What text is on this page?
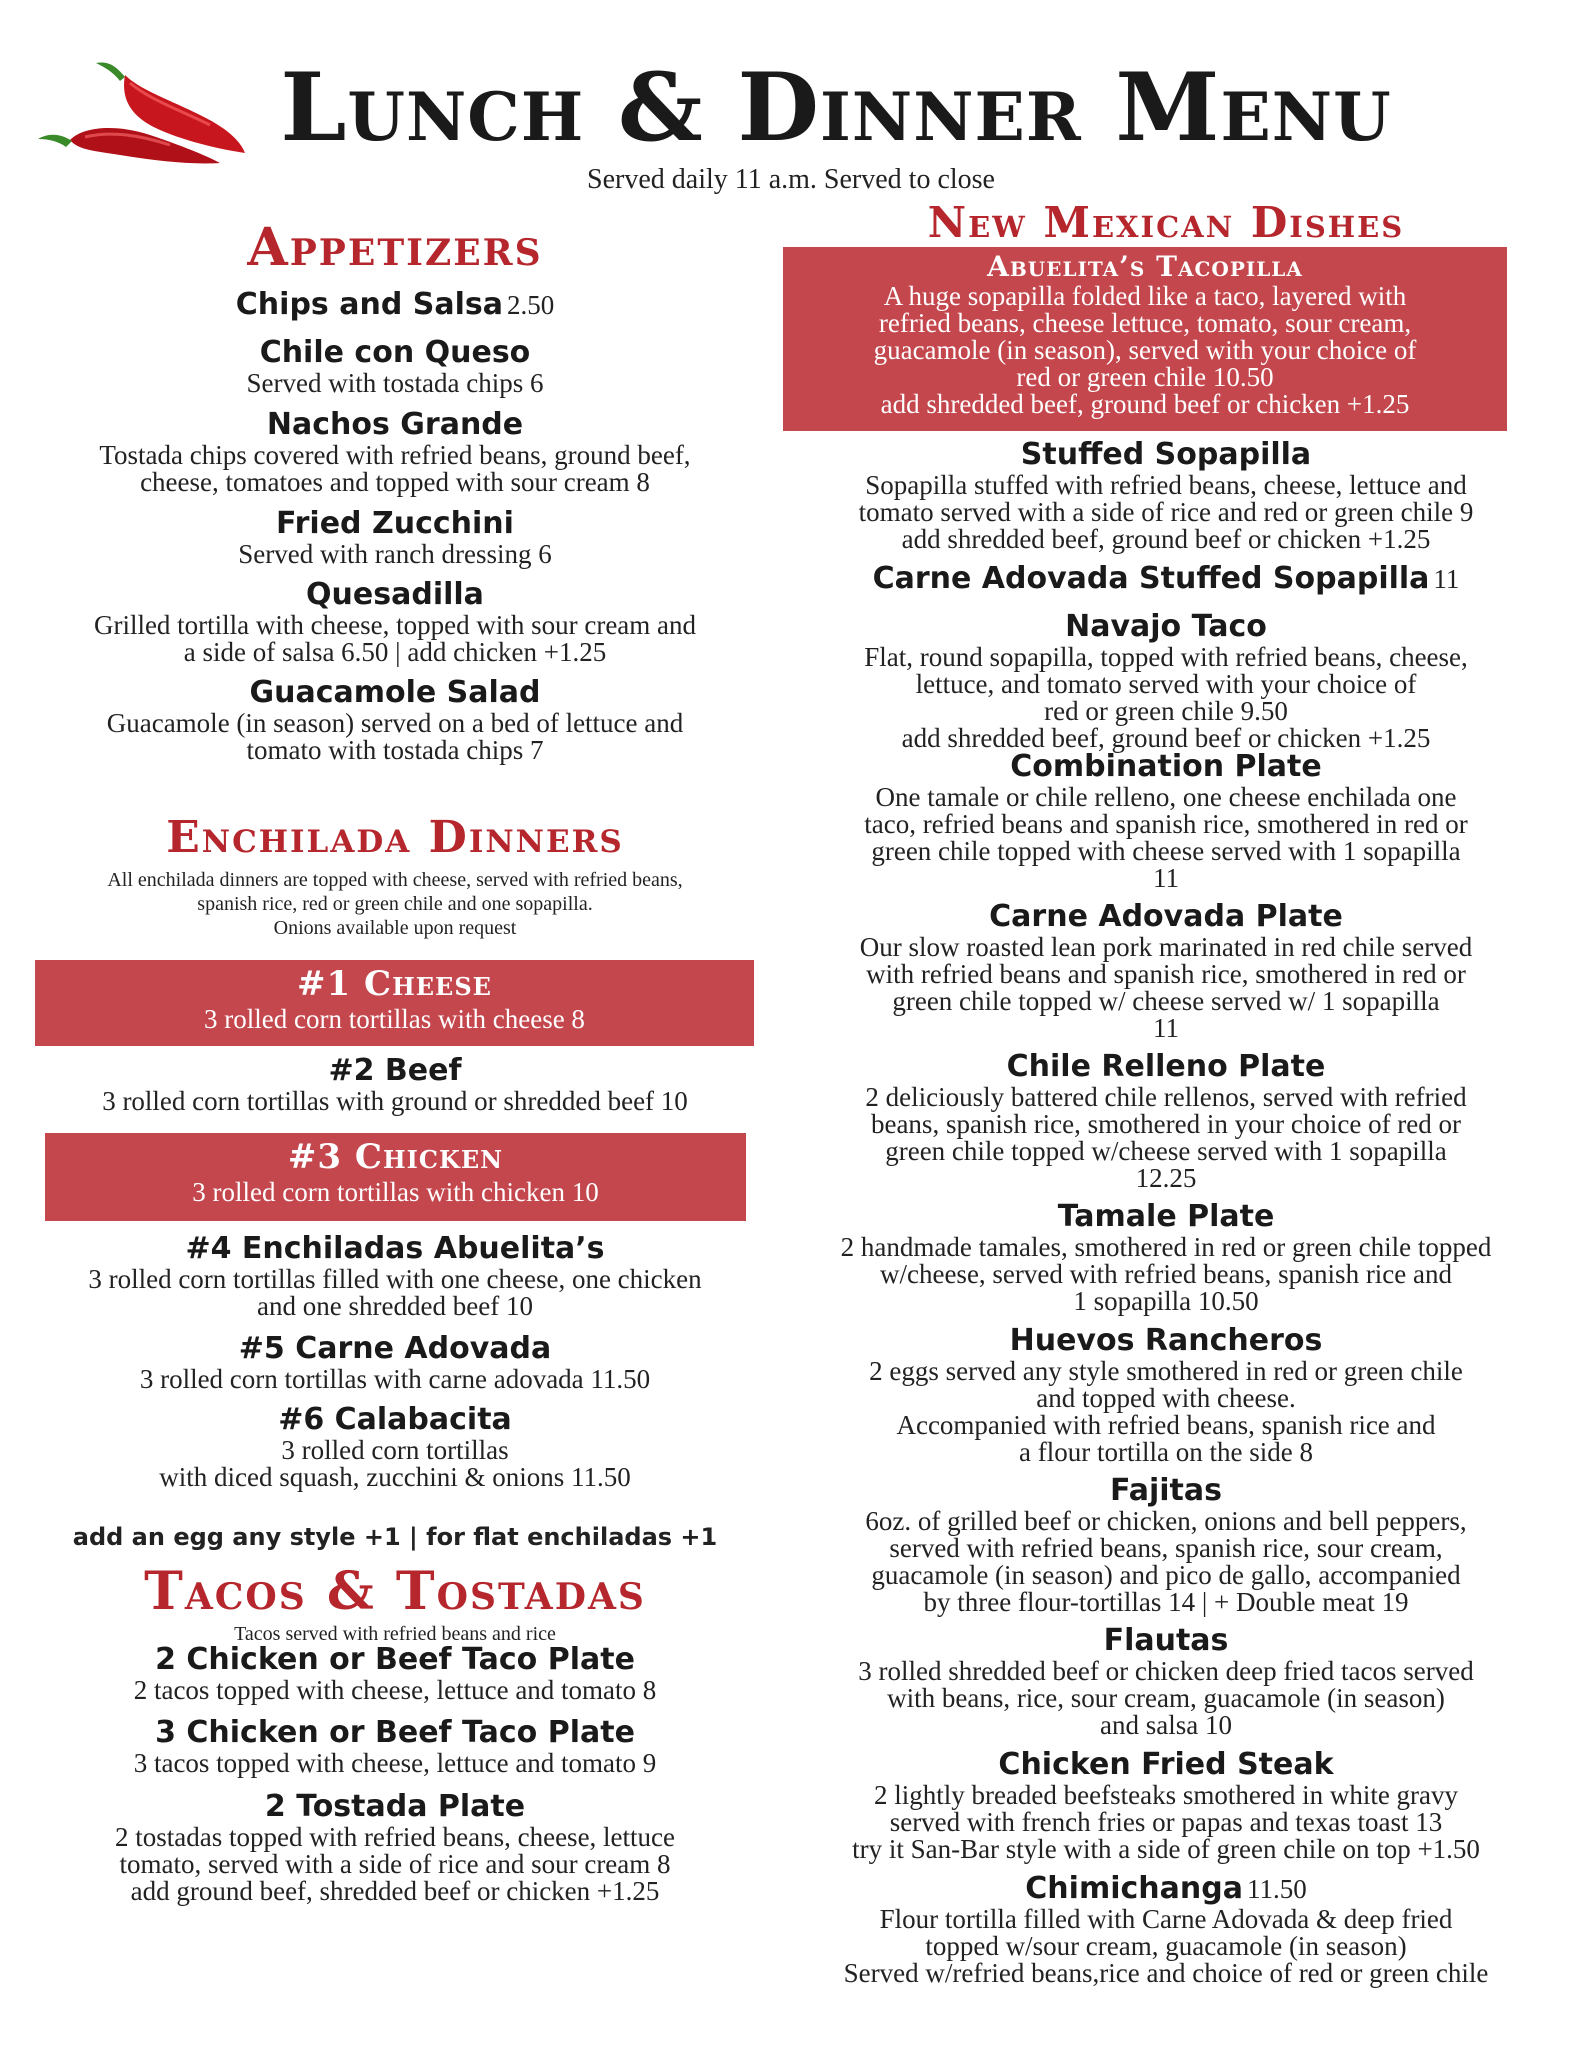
Lunch & Dinner Menu
Served daily 11 a.m. Served to close
Appetizers
Chips and Salsa 2.50
Chile con Queso
Served with tostada chips 6
Nachos Grande
Tostada chips covered with refried beans, ground beef,
cheese, tomatoes and topped with sour cream 8
Fried Zucchini
Served with ranch dressing 6
Quesadilla
Grilled tortilla with cheese, topped with sour cream and
a side of salsa 6.50 | add chicken +1.25
Guacamole Salad
Guacamole (in season) served on a bed of lettuce and
tomato with tostada chips 7
Enchilada Dinners
All enchilada dinners are topped with cheese, served with refried beans,
spanish rice, red or green chile and one sopapilla.
Onions available upon request
#1 Cheese
3 rolled corn tortillas with cheese 8
#2 Beef
3 rolled corn tortillas with ground or shredded beef 10
#3 Chicken
3 rolled corn tortillas with chicken 10
#4 Enchiladas Abuelita’s
3 rolled corn tortillas filled with one cheese, one chicken
and one shredded beef 10
#5 Carne Adovada
3 rolled corn tortillas with carne adovada 11.50
#6 Calabacita
3 rolled corn tortillas
with diced squash, zucchini & onions 11.50
add an egg any style +1 | for flat enchiladas +1
Tacos & Tostadas
Tacos served with refried beans and rice
2 Chicken or Beef Taco Plate
2 tacos topped with cheese, lettuce and tomato 8
3 Chicken or Beef Taco Plate
3 tacos topped with cheese, lettuce and tomato 9
2 Tostada Plate
2 tostadas topped with refried beans, cheese, lettuce
tomato, served with a side of rice and sour cream 8
add ground beef, shredded beef or chicken +1.25
New Mexican Dishes
Abuelita’s Tacopilla
A huge sopapilla folded like a taco, layered with
refried beans, cheese lettuce, tomato, sour cream,
guacamole (in season), served with your choice of
red or green chile 10.50
add shredded beef, ground beef or chicken +1.25
Stuffed Sopapilla
Sopapilla stuffed with refried beans, cheese, lettuce and
tomato served with a side of rice and red or green chile 9
add shredded beef, ground beef or chicken +1.25
Carne Adovada Stuffed Sopapilla 11
Navajo Taco
Flat, round sopapilla, topped with refried beans, cheese,
lettuce, and tomato served with your choice of
red or green chile 9.50
add shredded beef, ground beef or chicken +1.25
Combination Plate
One tamale or chile relleno, one cheese enchilada one
taco, refried beans and spanish rice, smothered in red or
green chile topped with cheese served with 1 sopapilla
11
Carne Adovada Plate
Our slow roasted lean pork marinated in red chile served
with refried beans and spanish rice, smothered in red or
green chile topped w/ cheese served w/ 1 sopapilla
11
Chile Relleno Plate
2 deliciously battered chile rellenos, served with refried
beans, spanish rice, smothered in your choice of red or
green chile topped w/cheese served with 1 sopapilla
12.25
Tamale Plate
2 handmade tamales, smothered in red or green chile topped
w/cheese, served with refried beans, spanish rice and
1 sopapilla 10.50
Huevos Rancheros
2 eggs served any style smothered in red or green chile
and topped with cheese.
Accompanied with refried beans, spanish rice and
a flour tortilla on the side 8
Fajitas
6oz. of grilled beef or chicken, onions and bell peppers,
served with refried beans, spanish rice, sour cream,
guacamole (in season) and pico de gallo, accompanied
by three flour-tortillas 14 | + Double meat 19
Flautas
3 rolled shredded beef or chicken deep fried tacos served
with beans, rice, sour cream, guacamole (in season)
and salsa 10
Chicken Fried Steak
2 lightly breaded beefsteaks smothered in white gravy
served with french fries or papas and texas toast 13
try it San-Bar style with a side of green chile on top +1.50
Chimichanga 11.50
Flour tortilla filled with Carne Adovada & deep fried
topped w/sour cream, guacamole (in season)
Served w/refried beans,rice and choice of red or green chile
